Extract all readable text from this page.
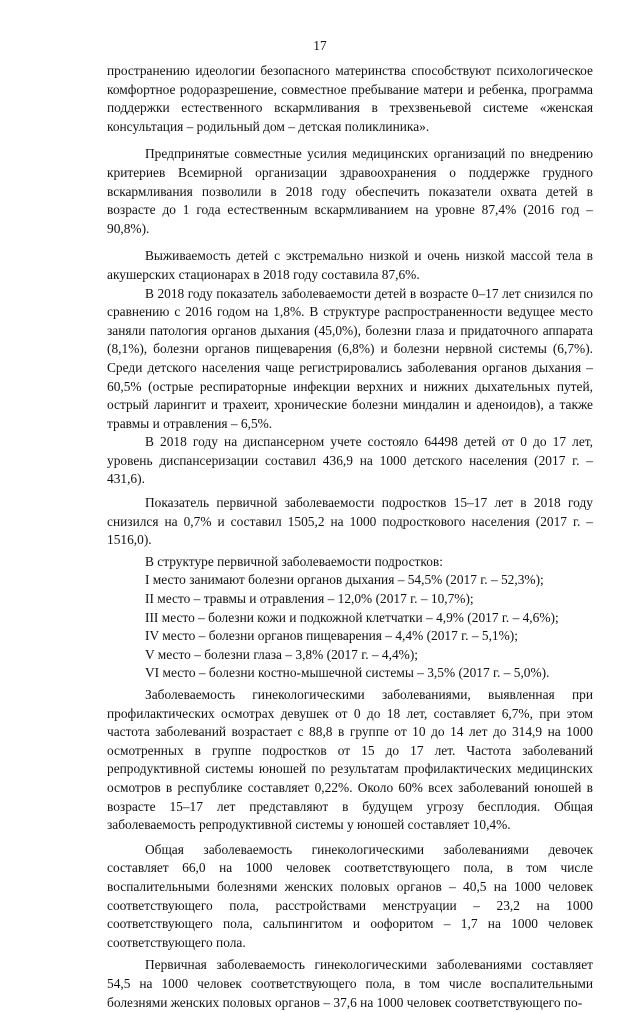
17

пространению идеологии безопасного материнства способствуют психологическое комфортное родоразрешение, совместное пребывание матери и ребенка, программа поддержки естественного вскармливания в трехзвеньевой системе «женская консультация – родильный дом – детская поликлиника».

Предпринятые совместные усилия медицинских организаций по внедрению критериев Всемирной организации здравоохранения о поддержке грудного вскармливания позволили в 2018 году обеспечить показатели охвата детей в возрасте до 1 года естественным вскармливанием на уровне 87,4% (2016 год – 90,8%).

Выживаемость детей с экстремально низкой и очень низкой массой тела в акушерских стационарах в 2018 году составила 87,6%.

В 2018 году показатель заболеваемости детей в возрасте 0–17 лет снизился по сравнению с 2016 годом на 1,8%. В структуре распространенности ведущее место заняли патология органов дыхания (45,0%), болезни глаза и придаточного аппарата (8,1%), болезни органов пищеварения (6,8%) и болезни нервной системы (6,7%). Среди детского населения чаще регистрировались заболевания органов дыхания – 60,5% (острые респираторные инфекции верхних и нижних дыхательных путей, острый ларингит и трахеит, хронические болезни миндалин и аденоидов), а также травмы и отравления – 6,5%.

В 2018 году на диспансерном учете состояло 64498 детей от 0 до 17 лет, уровень диспансеризации составил 436,9 на 1000 детского населения (2017 г. – 431,6).

Показатель первичной заболеваемости подростков 15–17 лет в 2018 году снизился на 0,7% и составил 1505,2 на 1000 подросткового населения (2017 г. – 1516,0).

В структуре первичной заболеваемости подростков:

I место занимают болезни органов дыхания – 54,5% (2017 г. – 52,3%);

II место – травмы и отравления – 12,0% (2017 г. – 10,7%);

III место – болезни кожи и подкожной клетчатки – 4,9% (2017 г. – 4,6%);

IV место – болезни органов пищеварения – 4,4% (2017 г. – 5,1%);

V место – болезни глаза – 3,8% (2017 г. – 4,4%);

VI место – болезни костно-мышечной системы – 3,5% (2017 г. – 5,0%).

Заболеваемость гинекологическими заболеваниями, выявленная при профилактических осмотрах девушек от 0 до 18 лет, составляет 6,7%, при этом частота заболеваний возрастает с 88,8 в группе от 10 до 14 лет до 314,9 на 1000 осмотренных в группе подростков от 15 до 17 лет. Частота заболеваний репродуктивной системы юношей по результатам профилактических медицинских осмотров в республике составляет 0,22%. Около 60% всех заболеваний юношей в возрасте 15–17 лет представляют в будущем угрозу бесплодия. Общая заболеваемость репродуктивной системы у юношей составляет 10,4%.

Общая заболеваемость гинекологическими заболеваниями девочек составляет 66,0 на 1000 человек соответствующего пола, в том числе воспалительными болезнями женских половых органов – 40,5 на 1000 человек соответствующего пола, расстройствами менструации – 23,2 на 1000 соответствующего пола, сальпингитом и оофоритом – 1,7 на 1000 человек соответствующего пола.

Первичная заболеваемость гинекологическими заболеваниями составляет 54,5 на 1000 человек соответствующего пола, в том числе воспалительными болезнями женских половых органов – 37,6 на 1000 человек соответствующего по-
